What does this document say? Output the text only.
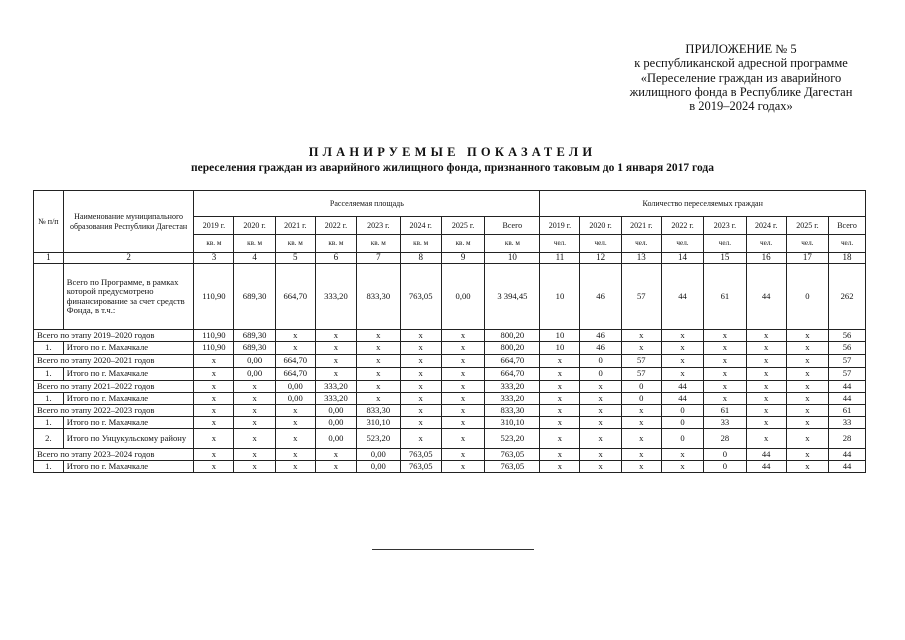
ПРИЛОЖЕНИЕ № 5
к республиканской адресной программе
«Переселение граждан из аварийного
жилищного фонда в Республике Дагестан
в 2019–2024 годах»
ПЛАНИРУЕМЫЕ ПОКАЗАТЕЛИ
переселения граждан из аварийного жилищного фонда, признанного таковым до 1 января 2017 года
№ п/п	Наименование муниципального образования Республики Дагестан	Расселяемая площадь								Количество переселяемых граждан							
		2019 г.	2020 г.	2021 г.	2022 г.	2023 г.	2024 г.	2025 г.	Всего	2019 г.	2020 г.	2021 г.	2022 г.	2023 г.	2024 г.	2025 г.	Всего
		кв. м	кв. м	кв. м	кв. м	кв. м	кв. м	кв. м	кв. м	чел.	чел.	чел.	чел.	чел.	чел.	чел.	чел.
1	2	3	4	5	6	7	8	9	10	11	12	13	14	15	16	17	18
	Всего по Программе, в рамках которой предусмотрено финансирование за счет средств Фонда, в т.ч.:	110,90	689,30	664,70	333,20	833,30	763,05	0,00	3 394,45	10	46	57	44	61	44	0	262
Всего по этапу 2019–2020 годов		110,90	689,30	х	х	х	х	х	800,20	10	46	х	х	х	х	х	56
1.	Итого по г. Махачкале	110,90	689,30	х	х	х	х	х	800,20	10	46	х	х	х	х	х	56
Всего по этапу 2020–2021 годов		х	0,00	664,70	х	х	х	х	664,70	х	0	57	х	х	х	х	57
1.	Итого по г. Махачкале	х	0,00	664,70	х	х	х	х	664,70	х	0	57	х	х	х	х	57
Всего по этапу 2021–2022 годов		х	х	0,00	333,20	х	х	х	333,20	х	х	0	44	х	х	х	44
1.	Итого по г. Махачкале	х	х	0,00	333,20	х	х	х	333,20	х	х	0	44	х	х	х	44
Всего по этапу 2022–2023 годов		х	х	х	0,00	833,30	х	х	833,30	х	х	х	0	61	х	х	61
1.	Итого по г. Махачкале	х	х	х	0,00	310,10	х	х	310,10	х	х	х	0	33	х	х	33
2.	Итого по Унцукульскому району	х	х	х	0,00	523,20	х	х	523,20	х	х	х	0	28	х	х	28
Всего по этапу 2023–2024 годов		х	х	х	х	0,00	763,05	х	763,05	х	х	х	х	0	44	х	44
1.	Итого по г. Махачкале	х	х	х	х	0,00	763,05	х	763,05	х	х	х	х	0	44	х	44
